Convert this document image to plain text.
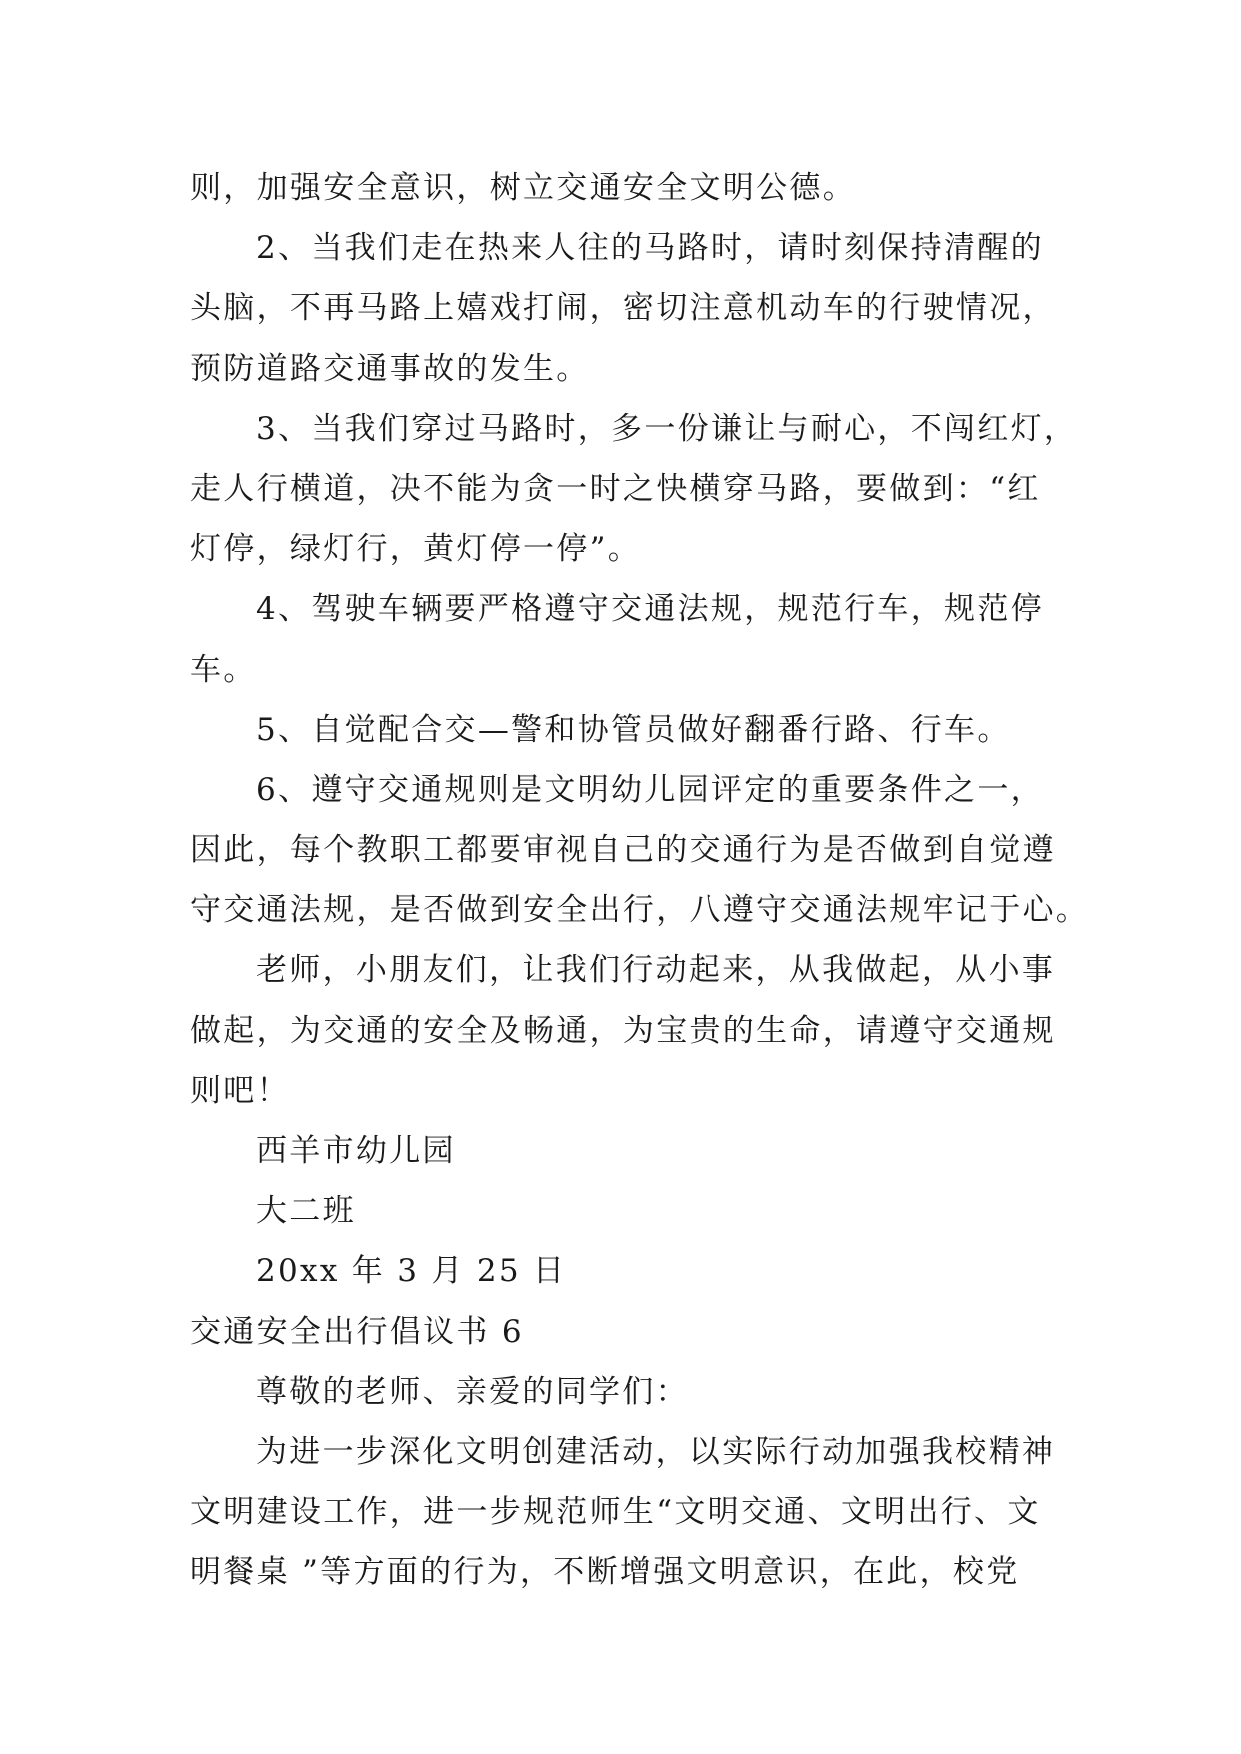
则，加强安全意识，树立交通安全文明公德。
2、当我们走在热来人往的马路时，请时刻保持清醒的
头脑，不再马路上嬉戏打闹，密切注意机动车的行驶情况，
预防道路交通事故的发生。
3、当我们穿过马路时，多一份谦让与耐心，不闯红灯，
走人行横道，决不能为贪一时之快横穿马路，要做到：“红
灯停，绿灯行，黄灯停一停”。
4、驾驶车辆要严格遵守交通法规，规范行车，规范停
车。
5、自觉配合交—警和协管员做好翻番行路、行车。
6、遵守交通规则是文明幼儿园评定的重要条件之一，
因此，每个教职工都要审视自己的交通行为是否做到自觉遵
守交通法规，是否做到安全出行，八遵守交通法规牢记于心。
老师，小朋友们，让我们行动起来，从我做起，从小事
做起，为交通的安全及畅通，为宝贵的生命，请遵守交通规
则吧！
西羊市幼儿园
大二班
20xx 年 3 月 25 日
交通安全出行倡议书 6
尊敬的老师、亲爱的同学们：
为进一步深化文明创建活动，以实际行动加强我校精神
文明建设工作，进一步规范师生“文明交通、文明出行、文
明餐桌 ”等方面的行为，不断增强文明意识，在此，校党
